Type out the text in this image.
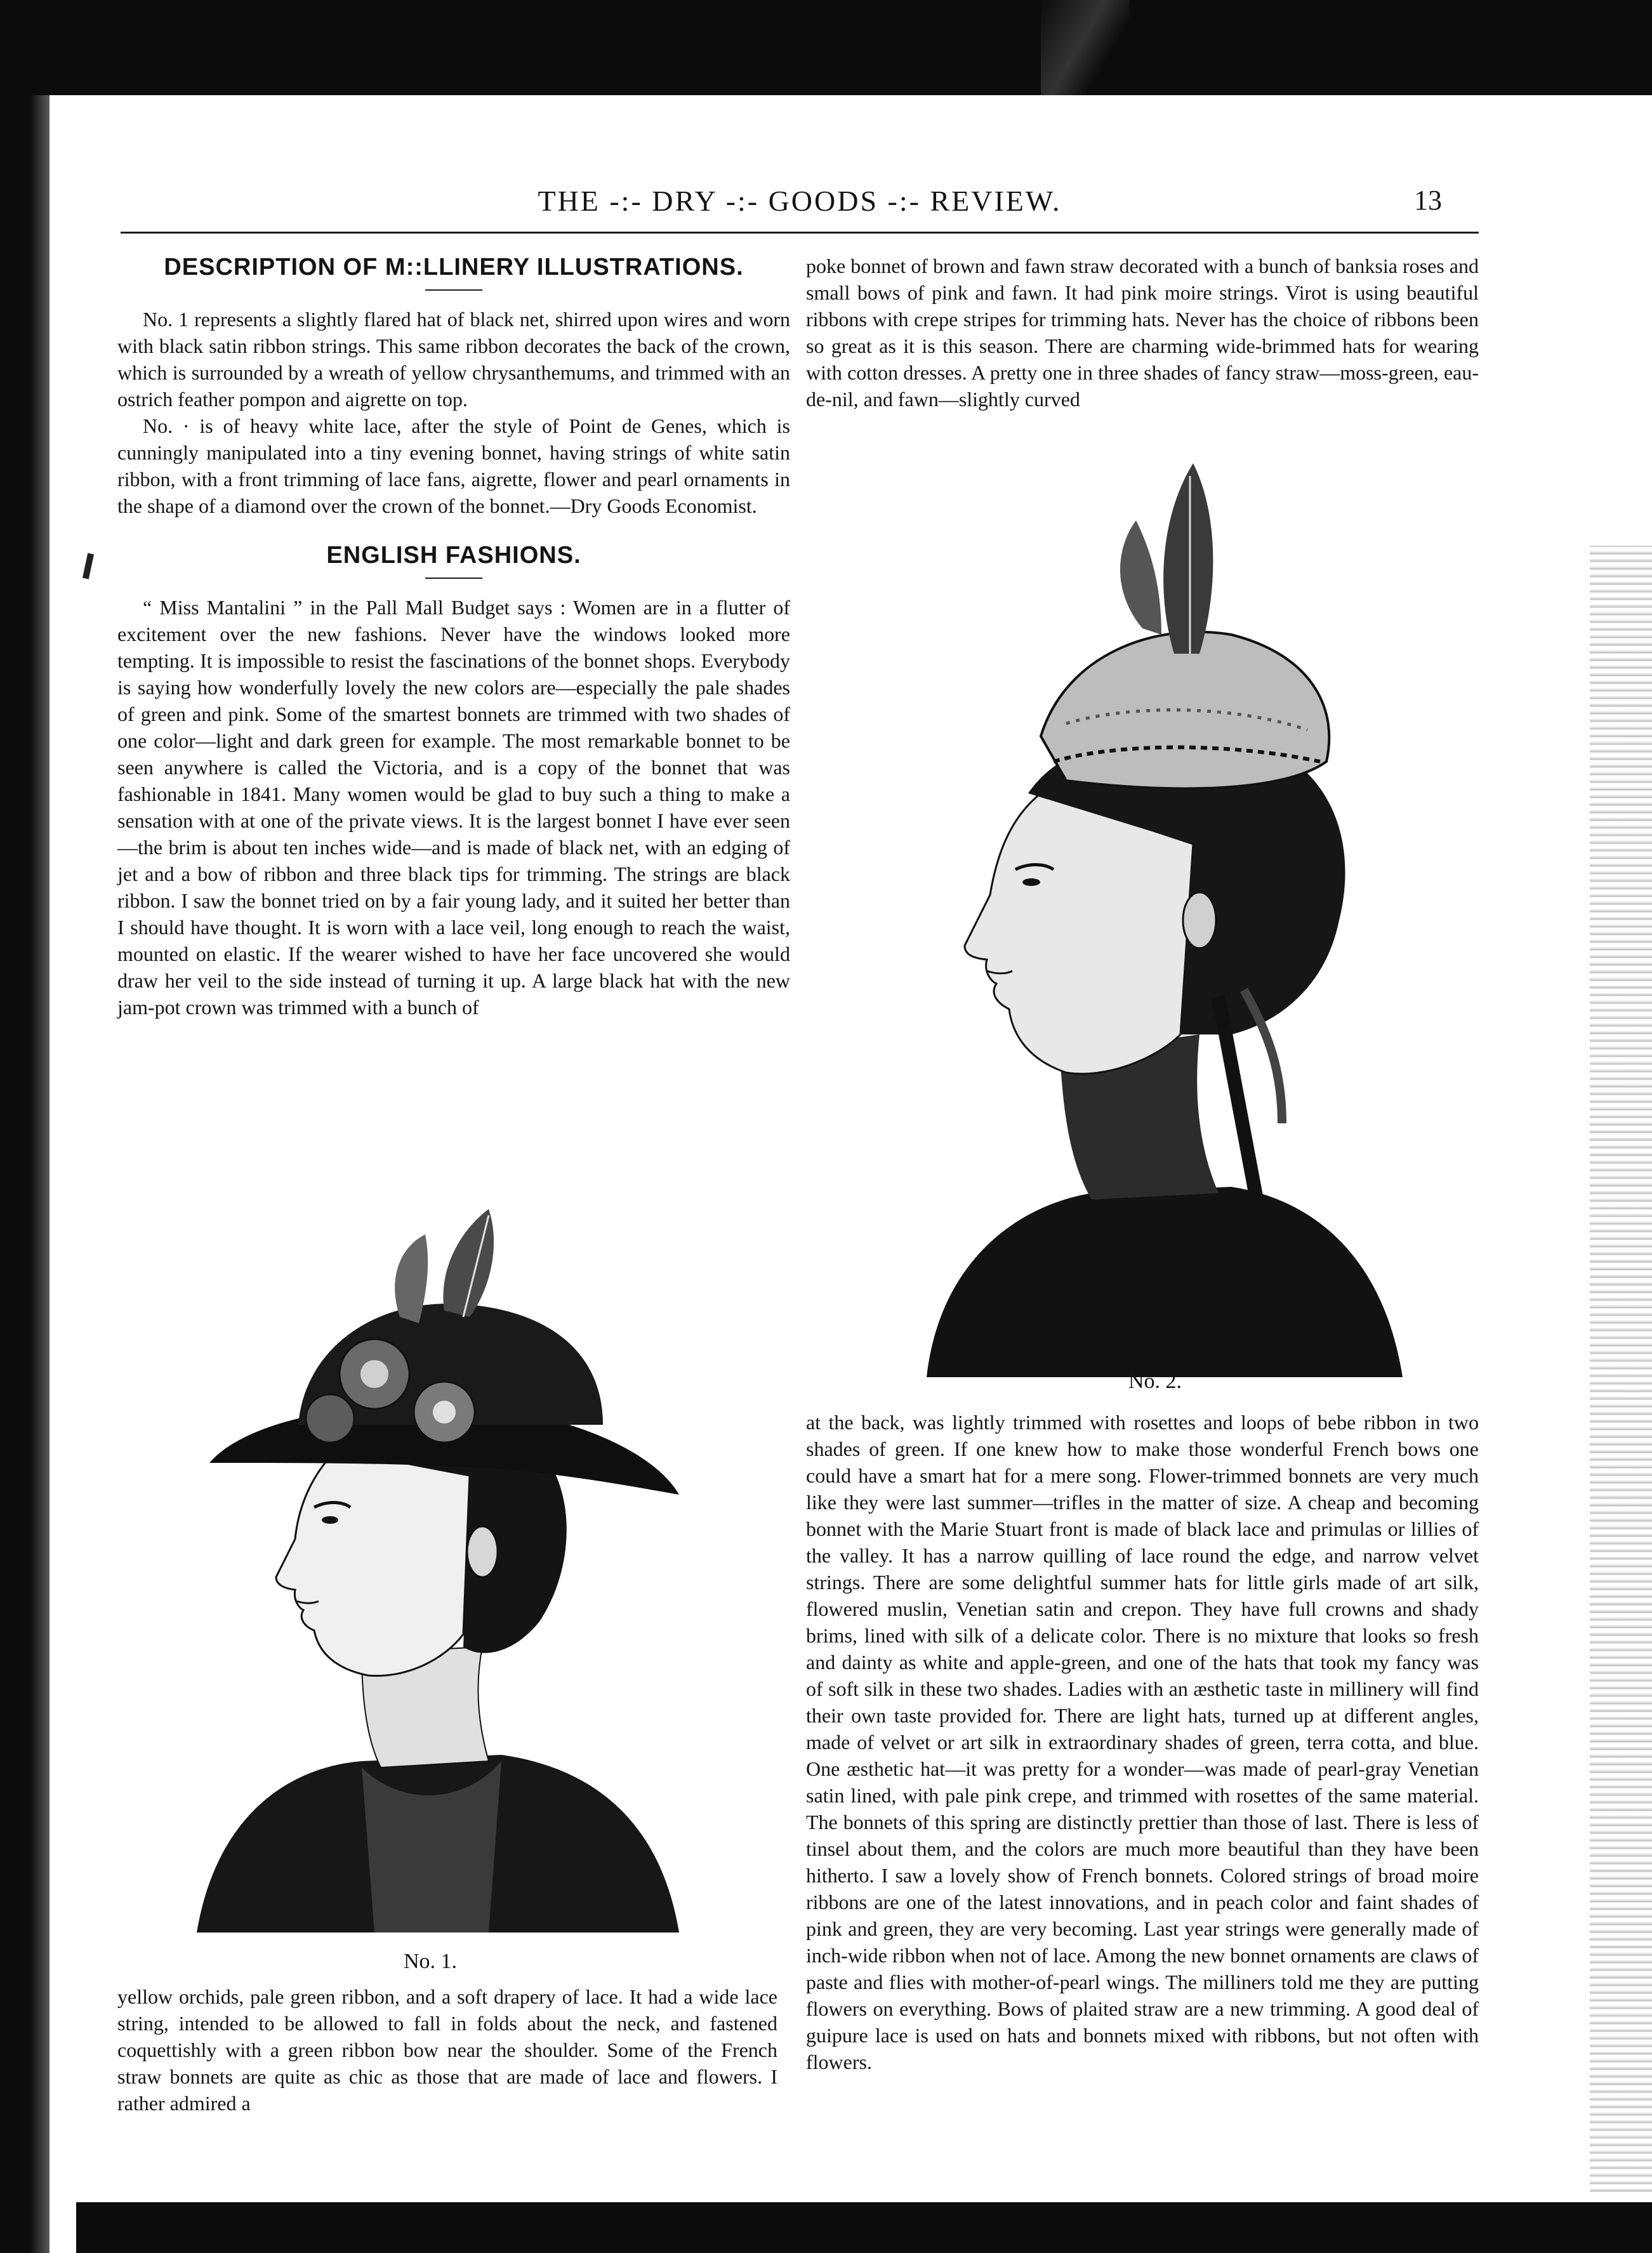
THE -:- DRY -:- GOODS -:- REVIEW.	13
DESCRIPTION OF M::LLINERY ILLUSTRATIONS.

No. 1 represents a slightly flared hat of black net, shirred upon wires and worn with black satin ribbon strings. This same ribbon decorates the back of the crown, which is surrounded by a wreath of yellow chrysanthemums, and trimmed with an ostrich feather pompon and aigrette on top.

No. · is of heavy white lace, after the style of Point de Genes, which is cunningly manipulated into a tiny evening bonnet, having strings of white satin ribbon, with a front trimming of lace fans, aigrette, flower and pearl ornaments in the shape of a diamond over the crown of the bonnet.—Dry Goods Economist.

ENGLISH FASHIONS.

“ Miss Mantalini ” in the Pall Mall Budget says : Women are in a flutter of excitement over the new fashions. Never have the windows looked more tempting. It is impossible to resist the fascinations of the bonnet shops. Everybody is saying how wonderfully lovely the new colors are—especially the pale shades of green and pink. Some of the smartest bonnets are trimmed with two shades of one color—light and dark green for example. The most remarkable bonnet to be seen anywhere is called the Victoria, and is a copy of the bonnet that was fashionable in 1841. Many women would be glad to buy such a thing to make a sensation with at one of the private views. It is the largest bonnet I have ever seen—the brim is about ten inches wide—and is made of black net, with an edging of jet and a bow of ribbon and three black tips for trimming. The strings are black ribbon. I saw the bonnet tried on by a fair young lady, and it suited her better than I should have thought. It is worn with a lace veil, long enough to reach the waist, mounted on elastic. If the wearer wished to have her face uncovered she would draw her veil to the side instead of turning it up. A large black hat with the new jam-pot crown was trimmed with a bunch of

poke bonnet of brown and fawn straw decorated with a bunch of banksia roses and small bows of pink and fawn. It had pink moire strings. Virot is using beautiful ribbons with crepe stripes for trimming hats. Never has the choice of ribbons been so great as it is this season. There are charming wide-brimmed hats for wearing with cotton dresses. A pretty one in three shades of fancy straw—moss-green, eau-de-nil, and fawn—slightly curved

No. 2.

at the back, was lightly trimmed with rosettes and loops of bebe ribbon in two shades of green. If one knew how to make those wonderful French bows one could have a smart hat for a mere song. Flower-trimmed bonnets are very much like they were last summer—trifles in the matter of size. A cheap and becoming bonnet with the Marie Stuart front is made of black lace and primulas or lillies of the valley. It has a narrow quilling of lace round the edge, and narrow velvet strings. There are some delightful summer hats for little girls made of art silk, flowered muslin, Venetian satin and crepon. They have full crowns and shady brims, lined with silk of a delicate color. There is no mixture that looks so fresh and dainty as white and apple-green, and one of the hats that took my fancy was of soft silk in these two shades. Ladies with an æsthetic taste in millinery will find their own taste provided for. There are light hats, turned up at different angles, made of velvet or art silk in extraordinary shades of green, terra cotta, and blue. One æsthetic hat—it was pretty for a wonder—was made of pearl-gray Venetian satin lined, with pale pink crepe, and trimmed with rosettes of the same material. The bonnets of this spring are distinctly prettier than those of last. There is less of tinsel about them, and the colors are much more beautiful than they have been hitherto. I saw a lovely show of French bonnets. Colored strings of broad moire ribbons are one of the latest innovations, and in peach color and faint shades of pink and green, they are very becoming. Last year strings were generally made of inch-wide ribbon when not of lace. Among the new bonnet ornaments are claws of paste and flies with mother-of-pearl wings. The milliners told me they are putting flowers on everything. Bows of plaited straw are a new trimming. A good deal of guipure lace is used on hats and bonnets mixed with ribbons, but not often with flowers.

No. 1.

yellow orchids, pale green ribbon, and a soft drapery of lace. It had a wide lace string, intended to be allowed to fall in folds about the neck, and fastened coquettishly with a green ribbon bow near the shoulder. Some of the French straw bonnets are quite as chic as those that are made of lace and flowers. I rather admired a
